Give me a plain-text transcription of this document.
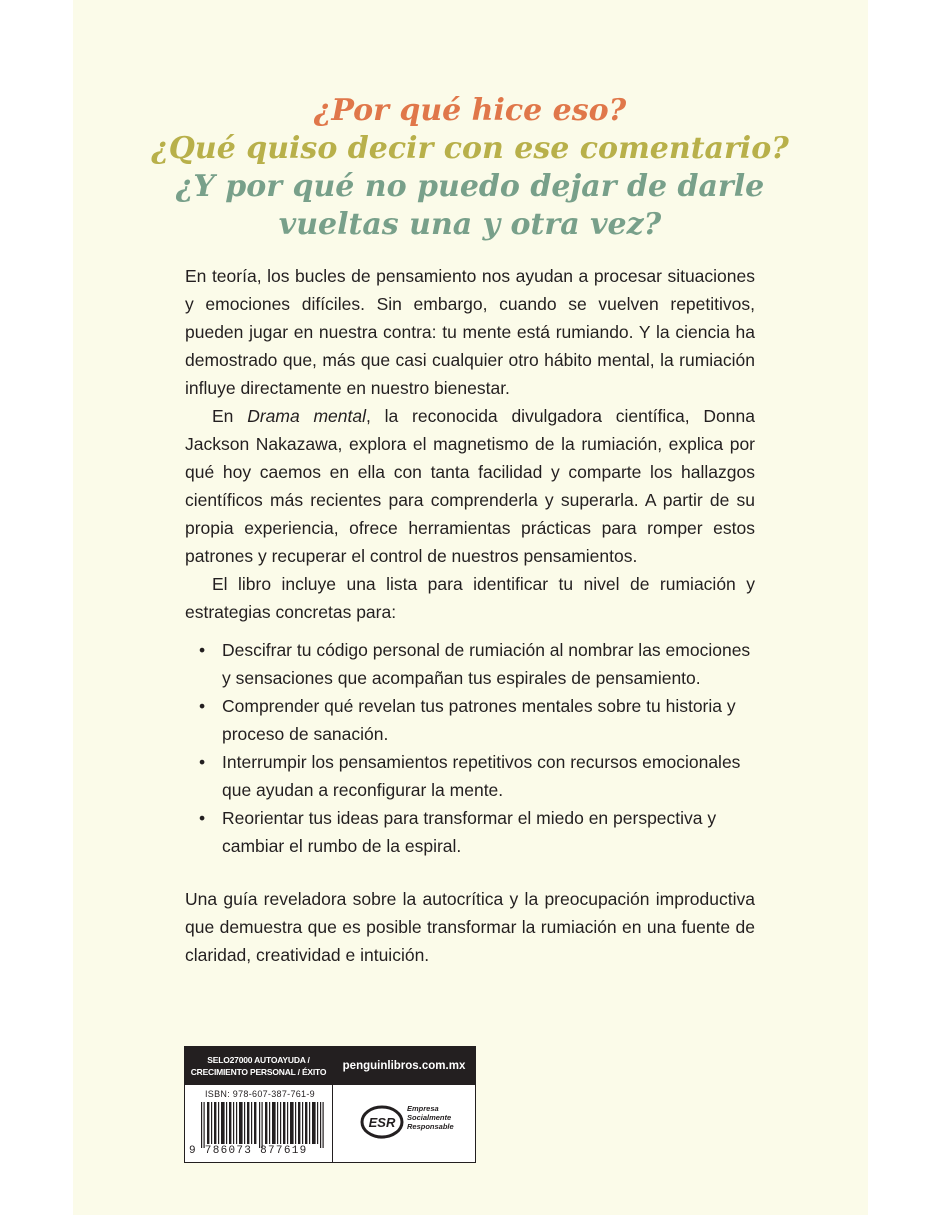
¿Por qué hice eso?
¿Qué quiso decir con ese comentario?
¿Y por qué no puedo dejar de darle
vueltas una y otra vez?

En teoría, los bucles de pensamiento nos ayudan a procesar situaciones y emociones difíciles. Sin embargo, cuando se vuelven repetitivos, pueden jugar en nuestra contra: tu mente está rumiando. Y la ciencia ha demostrado que, más que casi cualquier otro hábito mental, la rumiación influye directamente en nuestro bienestar.

En Drama mental, la reconocida divulgadora científica, Donna Jackson Nakazawa, explora el magnetismo de la rumiación, explica por qué hoy caemos en ella con tanta facilidad y comparte los hallazgos científicos más recientes para comprenderla y superarla. A partir de su propia experiencia, ofrece herramientas prácticas para romper estos patrones y recuperar el control de nuestros pensamientos.

El libro incluye una lista para identificar tu nivel de rumiación y estrategias concretas para:

• Descifrar tu código personal de rumiación al nombrar las emociones y sensaciones que acompañan tus espirales de pensamiento.
• Comprender qué revelan tus patrones mentales sobre tu historia y proceso de sanación.
• Interrumpir los pensamientos repetitivos con recursos emocionales que ayudan a reconfigurar la mente.
• Reorientar tus ideas para transformar el miedo en perspectiva y cambiar el rumbo de la espiral.

Una guía reveladora sobre la autocrítica y la preocupación improductiva que demuestra que es posible transformar la rumiación en una fuente de claridad, creatividad e intuición.

SELO27000 AUTOAYUDA /
CRECIMIENTO PERSONAL / ÉXITO	penguinlibros.com.mx
ISBN: 978-607-387-761-9
9 786073 877619
ESR
Empresa
Socialmente
Responsable
